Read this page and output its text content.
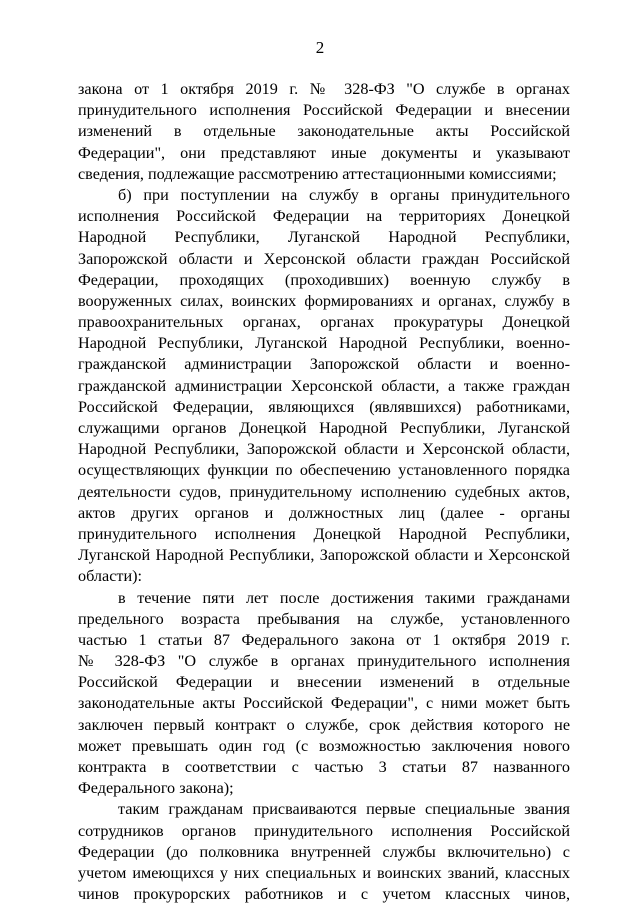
2
закона от 1 октября 2019 г. № 328-ФЗ "О службе в органах
принудительного исполнения Российской Федерации и внесении
изменений в отдельные законодательные акты Российской
Федерации", они представляют иные документы и указывают
сведения, подлежащие рассмотрению аттестационными комиссиями;
б) при поступлении на службу в органы принудительного
исполнения Российской Федерации на территориях Донецкой
Народной Республики, Луганской Народной Республики,
Запорожской области и Херсонской области граждан Российской
Федерации, проходящих (проходивших) военную службу в
вооруженных силах, воинских формированиях и органах, службу в
правоохранительных органах, органах прокуратуры Донецкой
Народной Республики, Луганской Народной Республики, военно-
гражданской администрации Запорожской области и военно-
гражданской администрации Херсонской области, а также граждан
Российской Федерации, являющихся (являвшихся) работниками,
служащими органов Донецкой Народной Республики, Луганской
Народной Республики, Запорожской области и Херсонской области,
осуществляющих функции по обеспечению установленного порядка
деятельности судов, принудительному исполнению судебных актов,
актов других органов и должностных лиц (далее - органы
принудительного исполнения Донецкой Народной Республики,
Луганской Народной Республики, Запорожской области и Херсонской
области):
в течение пяти лет после достижения такими гражданами
предельного возраста пребывания на службе, установленного
частью 1 статьи 87 Федерального закона от 1 октября 2019 г.
№ 328-ФЗ "О службе в органах принудительного исполнения
Российской Федерации и внесении изменений в отдельные
законодательные акты Российской Федерации", с ними может быть
заключен первый контракт о службе, срок действия которого не
может превышать один год (с возможностью заключения нового
контракта в соответствии с частью 3 статьи 87 названного
Федерального закона);
таким гражданам присваиваются первые специальные звания
сотрудников органов принудительного исполнения Российской
Федерации (до полковника внутренней службы включительно) с
учетом имеющихся у них специальных и воинских званий, классных
чинов прокурорских работников и с учетом классных чинов,
